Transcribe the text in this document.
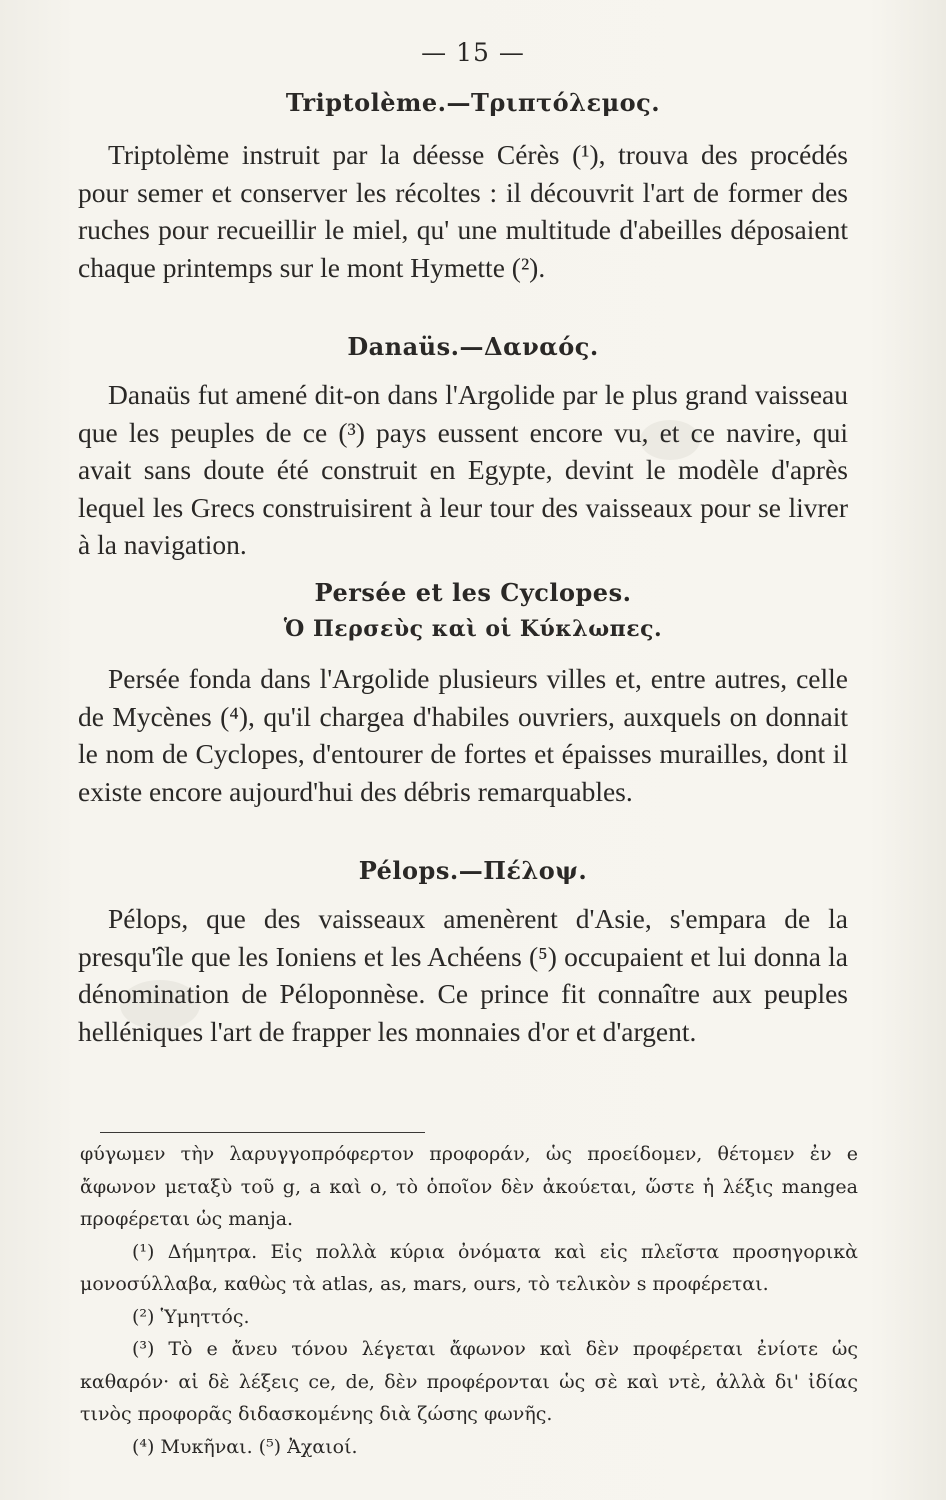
— 15 —
Triptolème.—Τριπτόλεμος.

Triptolème instruit par la déesse Cérès (¹), trouva des procédés pour semer et conserver les récoltes : il découvrit l'art de former des ruches pour recueillir le miel, qu' une multitude d'abeilles déposaient chaque printemps sur le mont Hymette (²).

Danaüs.—Δαναός.

Danaüs fut amené dit-on dans l'Argolide par le plus grand vaisseau que les peuples de ce (³) pays eussent encore vu, et ce navire, qui avait sans doute été construit en Egypte, devint le modèle d'après lequel les Grecs construisirent à leur tour des vaisseaux pour se livrer à la navigation.

Persée et les Cyclopes.
Ὁ Περσεὺς καὶ οἱ Κύκλωπες.

Persée fonda dans l'Argolide plusieurs villes et, entre autres, celle de Mycènes (⁴), qu'il chargea d'habiles ouvriers, auxquels on donnait le nom de Cyclopes, d'entourer de fortes et épaisses murailles, dont il existe encore aujourd'hui des débris remarquables.

Pélops.—Πέλοψ.

Pélops, que des vaisseaux amenèrent d'Asie, s'empara de la presqu'île que les Ioniens et les Achéens (⁵) occupaient et lui donna la dénomination de Péloponnèse. Ce prince fit connaître aux peuples helléniques l'art de frapper les monnaies d'or et d'argent.

φύγωμεν τὴν λαρυγγοπρόφερτον προφοράν, ὡς προείδομεν, θέτομεν ἐν e ἄφωνον μεταξὺ τοῦ g, a καὶ o, τὸ ὁποῖον δὲν ἀκούεται, ὥστε ἡ λέξις mangea προφέρεται ὡς manja.

(¹) Δήμητρα. Εἰς πολλὰ κύρια ὀνόματα καὶ εἰς πλεῖστα προσηγορικὰ μονοσύλλαβα, καθὼς τὰ atlas, as, mars, ours, τὸ τελικὸν s προφέρεται.

(²) Ὑμηττός.

(³) Τὸ e ἄνευ τόνου λέγεται ἄφωνον καὶ δὲν προφέρεται ἐνίοτε ὡς καθαρόν· αἱ δὲ λέξεις ce, de, δὲν προφέρονται ὡς σὲ καὶ ντὲ, ἀλλὰ δι' ἰδίας τινὸς προφορᾶς διδασκομένης διὰ ζώσης φωνῆς.

(⁴) Μυκῆναι. (⁵) Ἀχαιοί.
